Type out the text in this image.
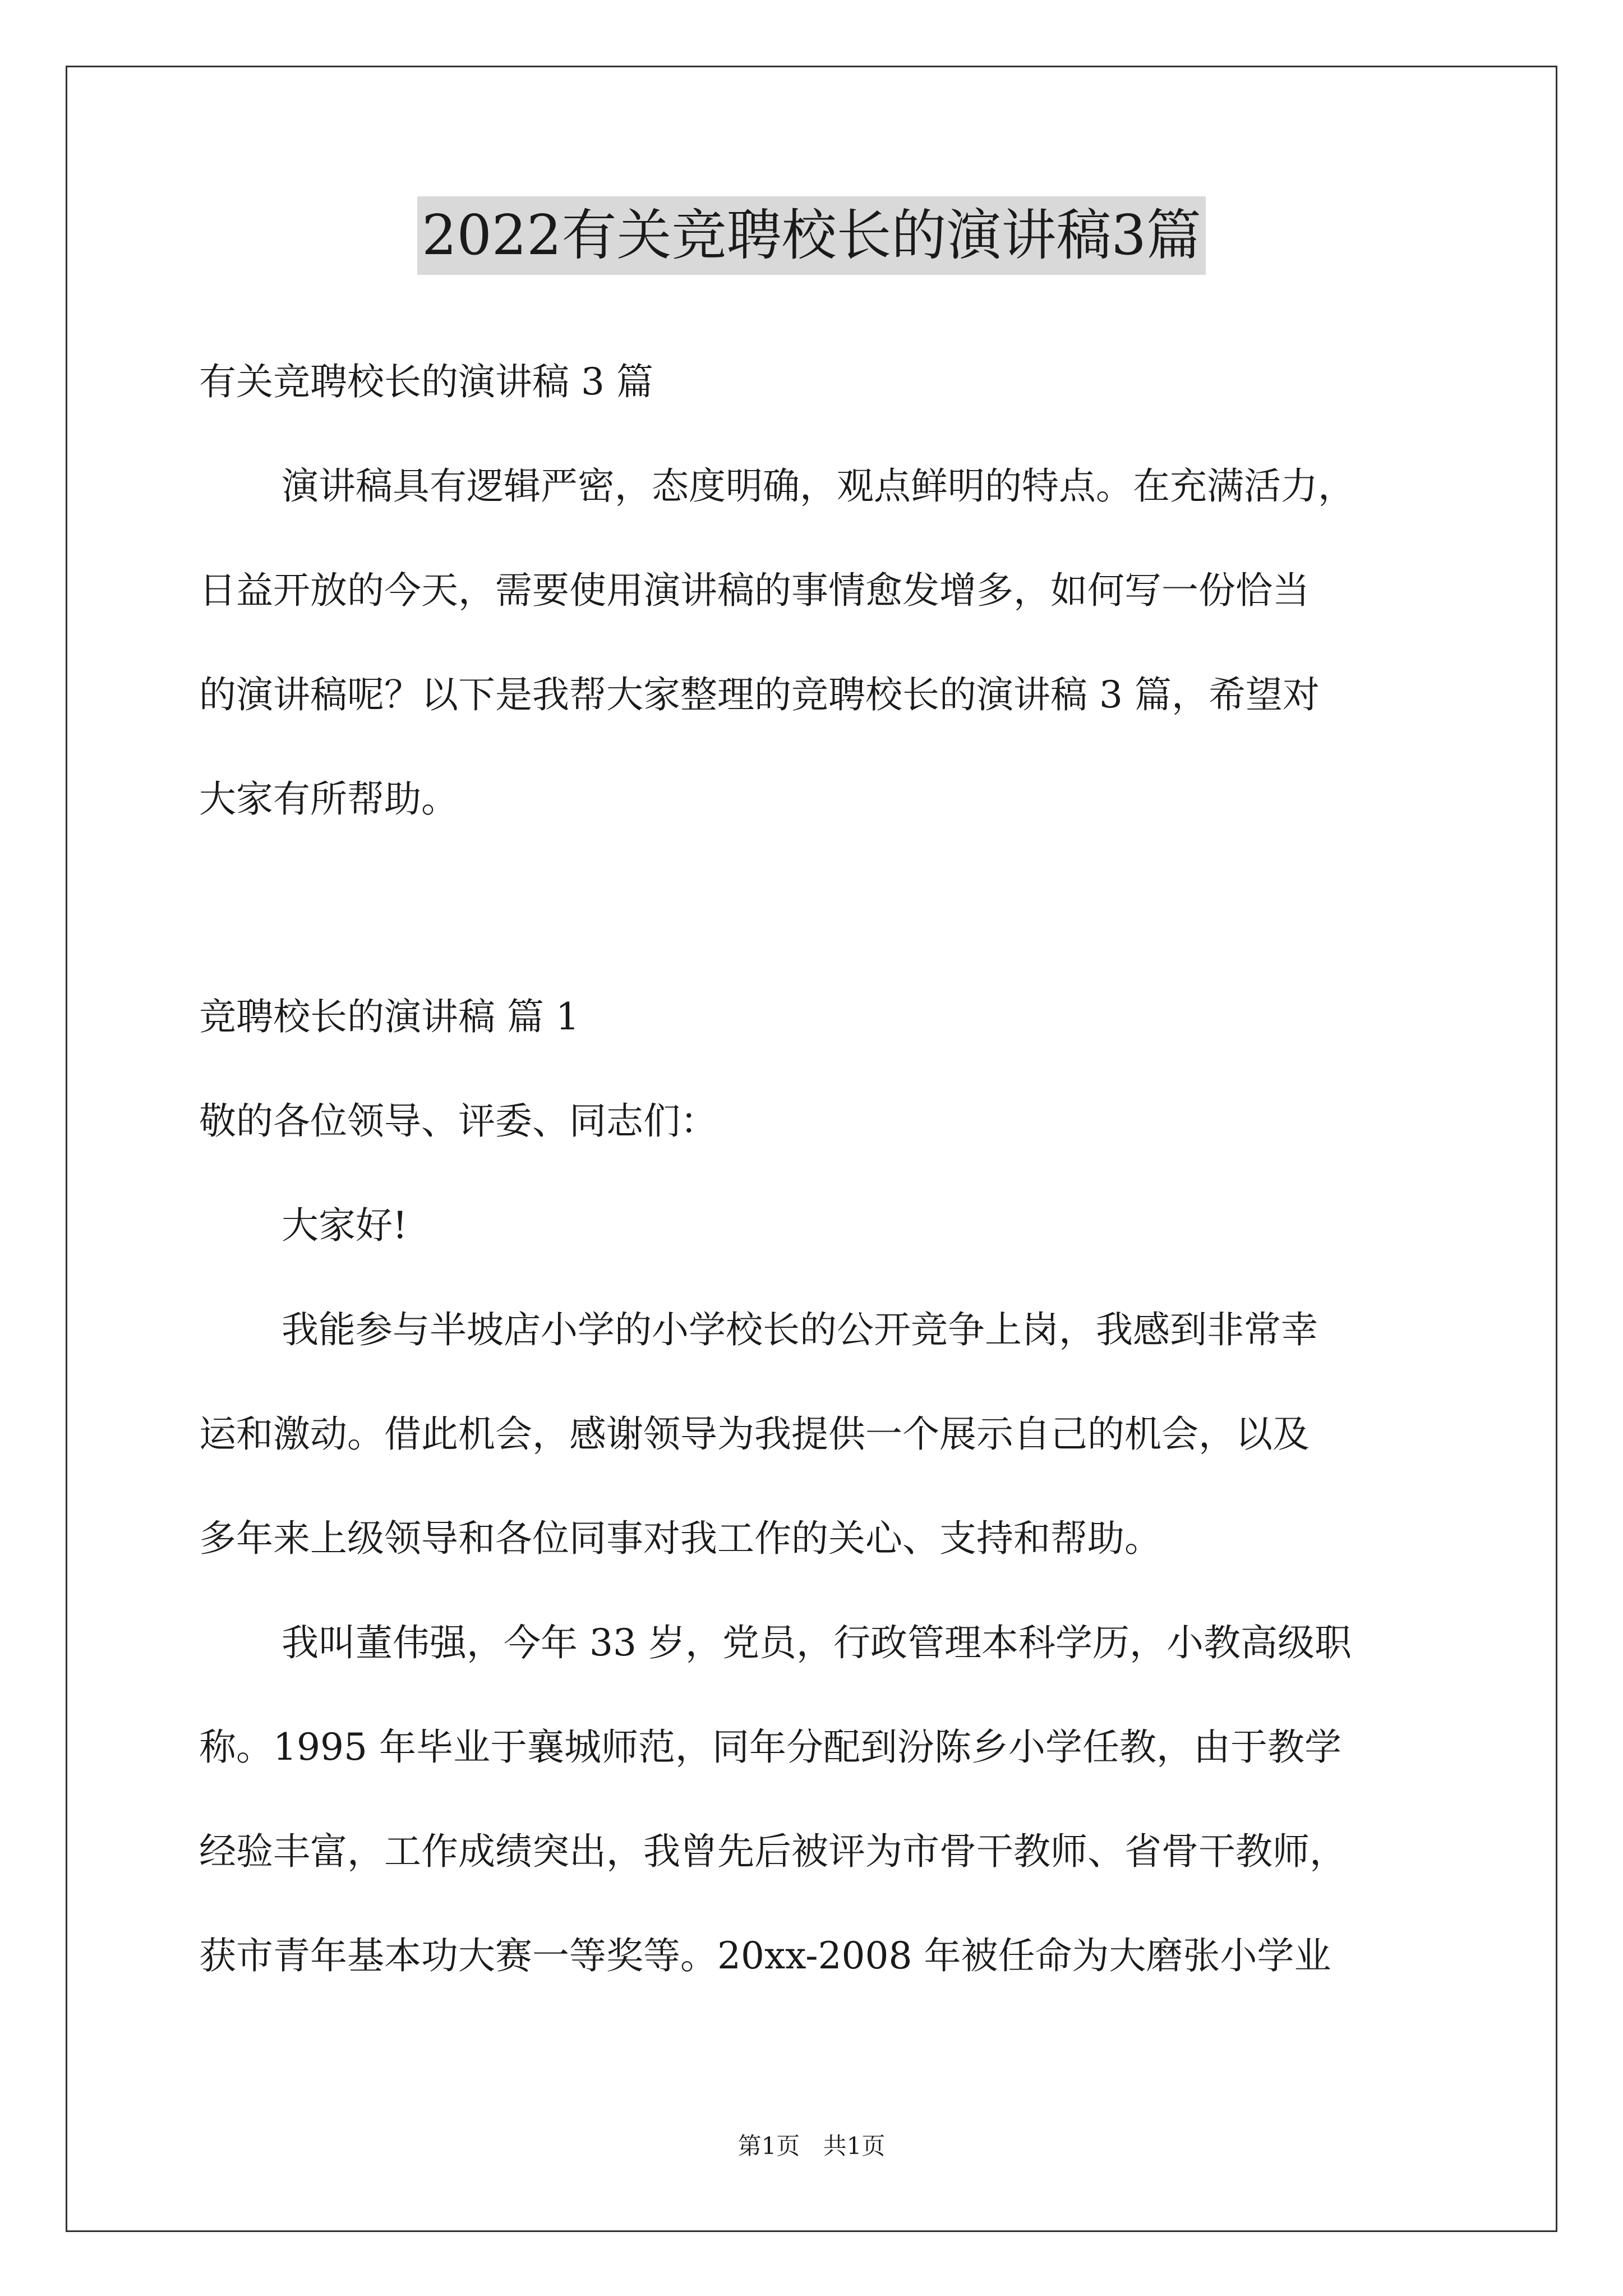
2022有关竞聘校长的演讲稿3篇
有关竞聘校长的演讲稿 3 篇
演讲稿具有逻辑严密，态度明确，观点鲜明的特点。在充满活力，
日益开放的今天，需要使用演讲稿的事情愈发增多，如何写一份恰当
的演讲稿呢？以下是我帮大家整理的竞聘校长的演讲稿 3 篇，希望对
大家有所帮助。
竞聘校长的演讲稿 篇 1
敬的各位领导、评委、同志们：
大家好!
我能参与半坡店小学的小学校长的公开竞争上岗，我感到非常幸
运和激动。借此机会，感谢领导为我提供一个展示自己的机会，以及
多年来上级领导和各位同事对我工作的关心、支持和帮助。
我叫董伟强，今年 33 岁，党员，行政管理本科学历，小教高级职
称。1995 年毕业于襄城师范，同年分配到汾陈乡小学任教，由于教学
经验丰富，工作成绩突出，我曾先后被评为市骨干教师、省骨干教师，
获市青年基本功大赛一等奖等。20xx-2008 年被任命为大磨张小学业
第1页 共1页
